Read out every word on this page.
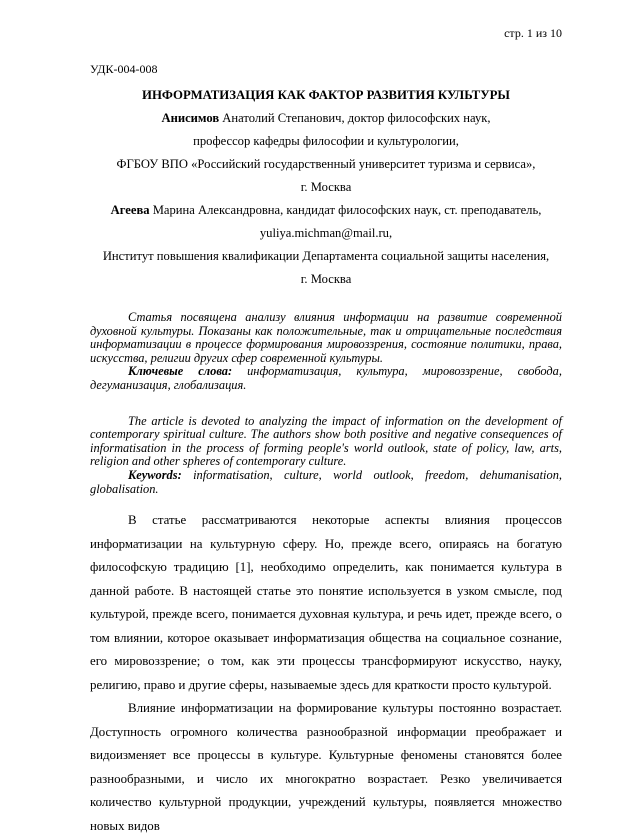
стр. 1 из 10
УДК-004-008
ИНФОРМАТИЗАЦИЯ КАК ФАКТОР РАЗВИТИЯ КУЛЬТУРЫ

Анисимов Анатолий Степанович, доктор философских наук,

профессор кафедры философии и культурологии,

ФГБОУ ВПО «Российский государственный университет туризма и сервиса»,

г. Москва

Агеева Марина Александровна, кандидат философских наук, ст. преподаватель,

yuliya.michman@mail.ru,

Институт повышения квалификации Департамента социальной защиты населения,

г. Москва

Статья посвящена анализу влияния информации на развитие современной духовной культуры. Показаны как положительные, так и отрицательные последствия информатизации в процессе формирования мировоззрения, состояние политики, права, искусства, религии других сфер современной культуры.

Ключевые слова: информатизация, культура, мировоззрение, свобода, дегуманизация, глобализация.

The article is devoted to analyzing the impact of information on the development of contemporary spiritual culture. The authors show both positive and negative consequences of informatisation in the process of forming people's world outlook, state of policy, law, arts, religion and other spheres of contemporary culture.

Keywords: informatisation, culture, world outlook, freedom, dehumanisation, globalisation.

В статье рассматриваются некоторые аспекты влияния процессов информатизации на культурную сферу. Но, прежде всего, опираясь на богатую философскую традицию [1], необходимо определить, как понимается культура в данной работе. В настоящей статье это понятие используется в узком смысле, под культурой, прежде всего, понимается духовная культура, и речь идет, прежде всего, о том влиянии, которое оказывает информатизация общества на социальное сознание, его мировоззрение; о том, как эти процессы трансформируют искусство, науку, религию, право и другие сферы, называемые здесь для краткости просто культурой.

Влияние информатизации на формирование культуры постоянно возрастает. Доступность огромного количества разнообразной информации преображает и видоизменяет все процессы в культуре. Культурные феномены становятся более разнообразными, и число их многократно возрастает. Резко увеличивается количество культурной продукции, учреждений культуры, появляется множество новых видов
